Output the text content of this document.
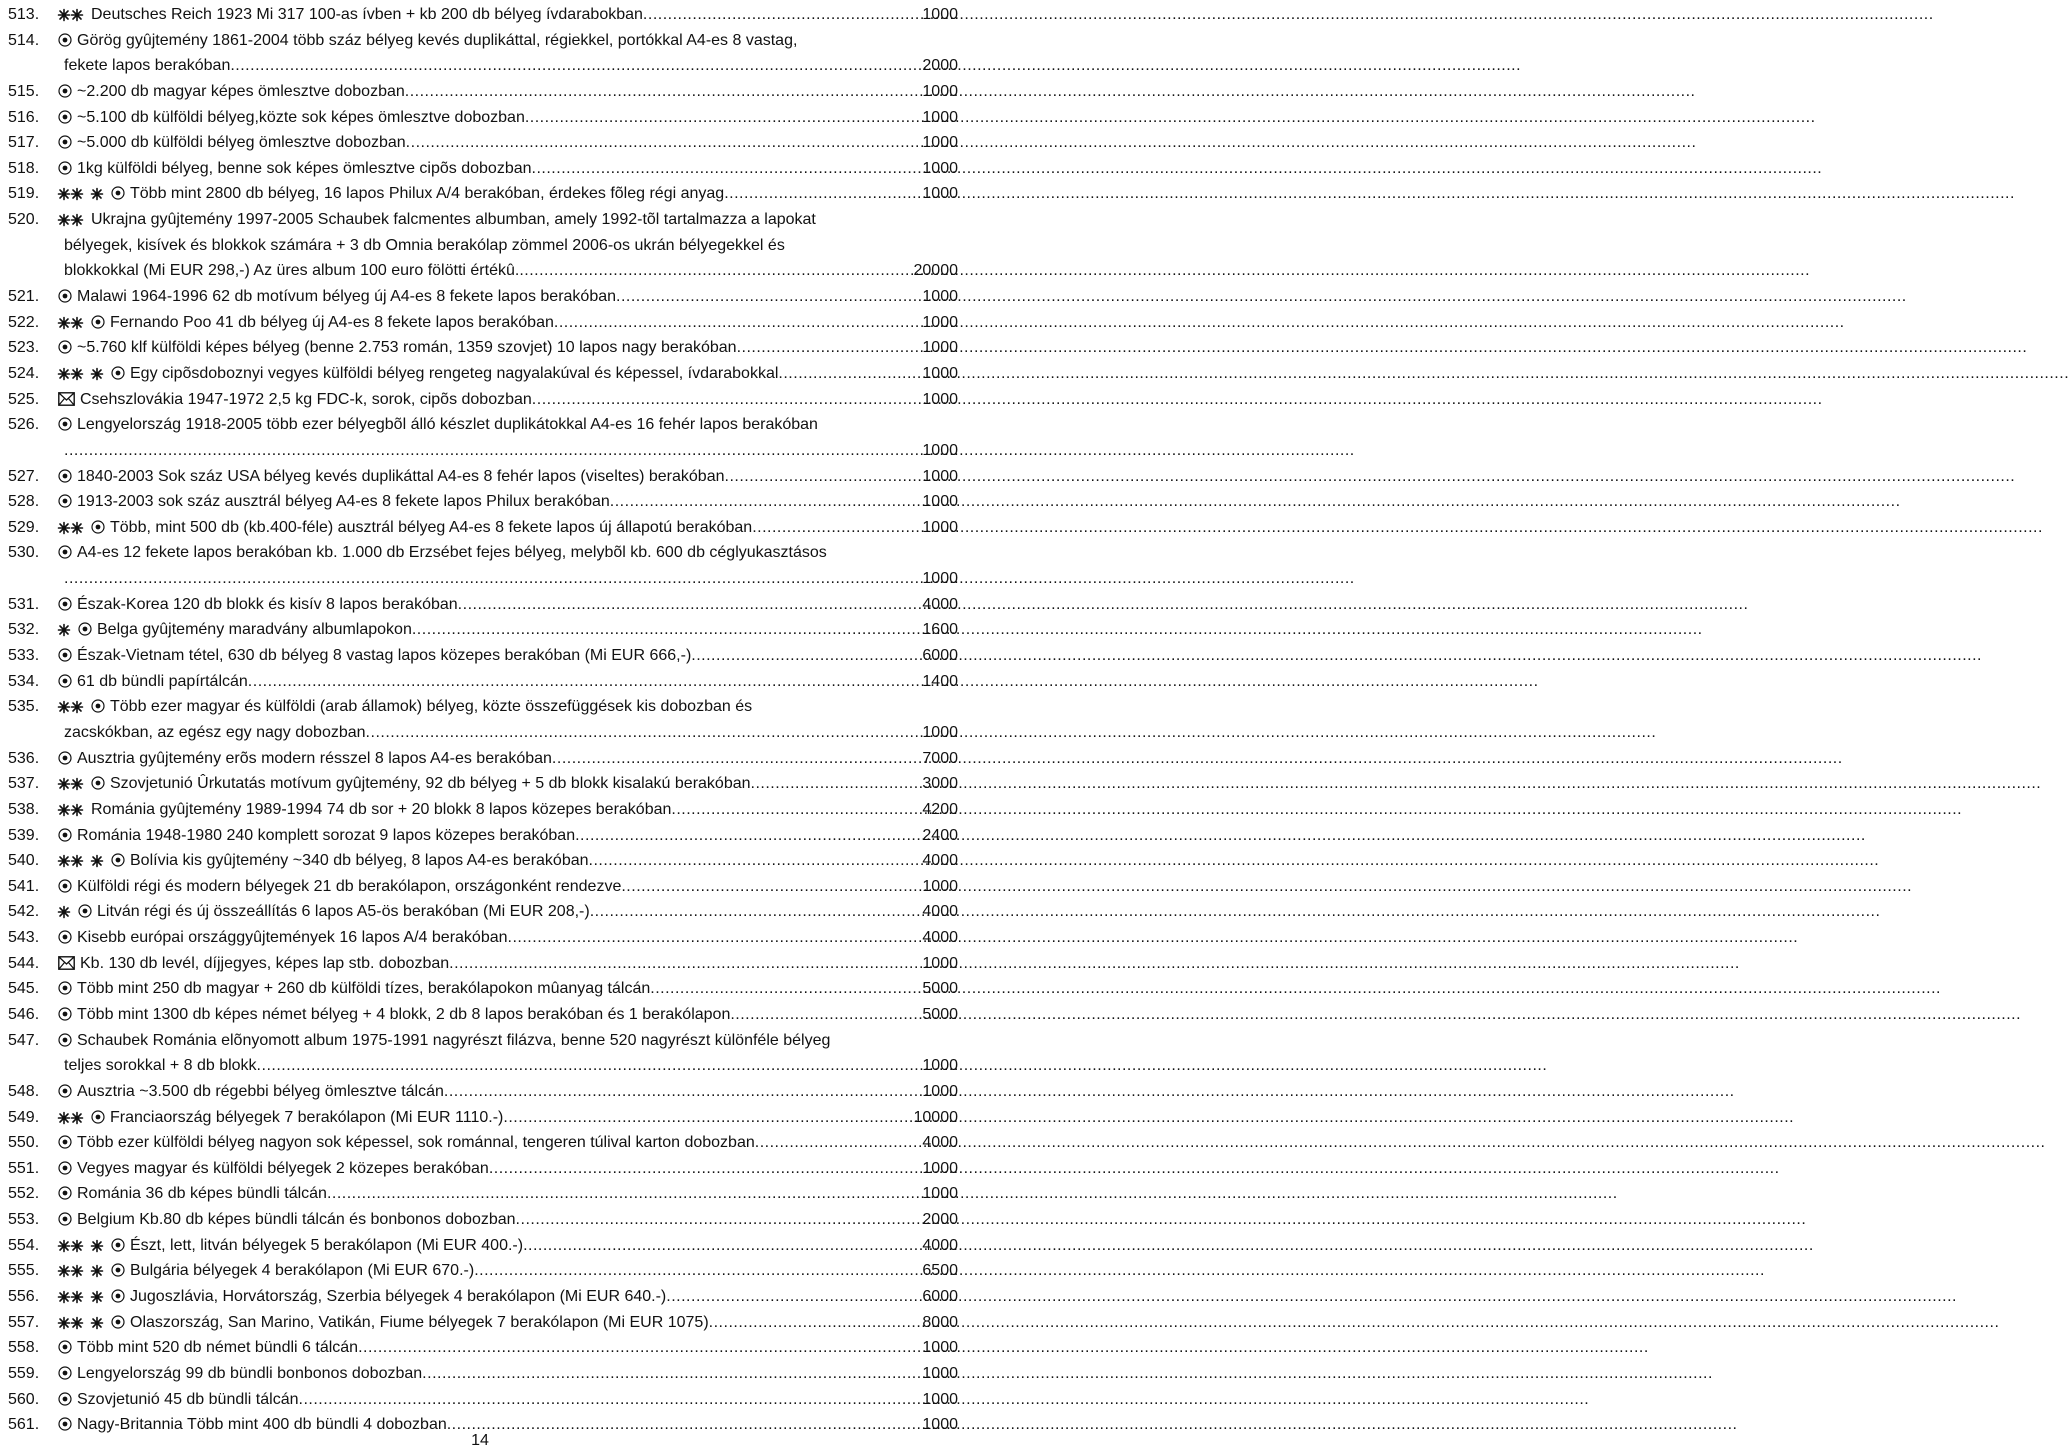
513.	Deutsches Reich 1923 Mi 317 100-as ívben + kb 200 db bélyeg ívdarabokban .....	1000
514.	Görög gyûjtemény 1861-2004 több száz bélyeg kevés duplikáttal, régiekkel, portókkal A4-es 8 vastag,
fekete lapos berakóban .....	2000
515.	~2.200 db magyar képes ömlesztve dobozban .....	1000
516.	~5.100 db külföldi bélyeg,közte sok képes ömlesztve dobozban .....	1000
517.	~5.000 db külföldi bélyeg ömlesztve dobozban .....	1000
518.	1kg külföldi bélyeg, benne sok képes ömlesztve cipõs dobozban .....	1000
519.	Több mint 2800 db bélyeg, 16 lapos Philux A/4 berakóban, érdekes fõleg régi anyag .....	1000
520.	Ukrajna gyûjtemény 1997-2005 Schaubek falcmentes albumban, amely 1992-tõl tartalmazza a lapokat
bélyegek, kisívek és blokkok számára + 3 db Omnia berakólap zömmel 2006-os ukrán bélyegekkel és
blokkokkal (Mi EUR 298,-) Az üres album 100 euro fölötti értékû. .....	20000
521.	Malawi 1964-1996 62 db motívum bélyeg új A4-es 8 fekete lapos berakóban .....	1000
522.	Fernando Poo 41 db bélyeg új A4-es 8 fekete lapos berakóban .....	1000
523.	~5.760 klf külföldi képes bélyeg (benne 2.753 román, 1359 szovjet) 10 lapos nagy berakóban .....	1000
524.	Egy cipõsdoboznyi vegyes külföldi bélyeg rengeteg nagyalakúval és képessel, ívdarabokkal .....	1000
525.	Csehszlovákia 1947-1972 2,5 kg FDC-k, sorok, cipõs dobozban .....	1000
526.	Lengyelország 1918-2005 több ezer bélyegbõl álló készlet duplikátokkal A4-es 16 fehér lapos berakóban
.....
1000
527.	1840-2003 Sok száz USA bélyeg kevés duplikáttal A4-es 8 fehér lapos (viseltes) berakóban .....	1000
528.	1913-2003 sok száz ausztrál bélyeg A4-es 8 fekete lapos Philux berakóban .....	1000
529.	Több, mint 500 db (kb.400-féle) ausztrál bélyeg A4-es 8 fekete lapos új állapotú berakóban .....	1000
530.	A4-es 12 fekete lapos berakóban kb. 1.000 db Erzsébet fejes bélyeg, melybõl kb. 600 db céglyukasztásos
.....
1000
531.	Észak-Korea 120 db blokk és kisív 8 lapos berakóban .....	4000
532.	Belga gyûjtemény maradvány albumlapokon .....	1600
533.	Észak-Vietnam tétel, 630 db bélyeg 8 vastag lapos közepes berakóban (Mi EUR 666,-) .....	6000
534.	61 db bündli papírtálcán .....	1400
535.	Több ezer magyar és külföldi (arab államok) bélyeg, közte összefüggések kis dobozban és
zacskókban, az egész egy nagy dobozban .....	1000
536.	Ausztria gyûjtemény erõs modern résszel 8 lapos A4-es berakóban .....	7000
537.	Szovjetunió Ûrkutatás motívum gyûjtemény, 92 db bélyeg + 5 db blokk kisalakú berakóban .....	3000
538.	Románia gyûjtemény 1989-1994 74 db sor + 20 blokk 8 lapos közepes berakóban .....	4200
539.	Románia 1948-1980 240 komplett sorozat 9 lapos közepes berakóban .....	2400
540.	Bolívia kis gyûjtemény ~340 db bélyeg, 8 lapos A4-es berakóban .....	4000
541.	Külföldi régi és modern bélyegek 21 db berakólapon, országonként rendezve .....	1000
542.	Litván régi és új összeállítás 6 lapos A5-ös berakóban (Mi EUR 208,-) .....	4000
543.	Kisebb európai országgyûjtemények 16 lapos A/4 berakóban .....	4000
544.	Kb. 130 db levél, díjjegyes, képes lap stb. dobozban .....	1000
545.	Több mint 250 db magyar + 260 db külföldi tízes, berakólapokon mûanyag tálcán .....	5000
546.	Több mint 1300 db képes német bélyeg + 4 blokk, 2 db 8 lapos berakóban és 1 berakólapon .....	5000
547.	Schaubek Románia elõnyomott album 1975-1991 nagyrészt filázva, benne 520 nagyrészt különféle bélyeg
teljes sorokkal + 8 db blokk .....	1000
548.	Ausztria ~3.500 db régebbi bélyeg ömlesztve tálcán .....	1000
549.	Franciaország bélyegek 7 berakólapon (Mi EUR 1110.-) .....	10000
550.	Több ezer külföldi bélyeg nagyon sok képessel, sok románnal, tengeren túlival karton dobozban .....	4000
551.	Vegyes magyar és külföldi bélyegek 2 közepes berakóban .....	1000
552.	Románia 36 db képes bündli tálcán .....	1000
553.	Belgium Kb.80 db képes bündli tálcán és bonbonos dobozban .....	2000
554.	Észt, lett, litván bélyegek 5 berakólapon (Mi EUR 400.-) .....	4000
555.	Bulgária bélyegek 4 berakólapon (Mi EUR 670.-) .....	6500
556.	Jugoszlávia, Horvátország, Szerbia bélyegek 4 berakólapon (Mi EUR 640.-) .....	6000
557.	Olaszország, San Marino, Vatikán, Fiume bélyegek 7 berakólapon (Mi EUR 1075) .....	8000
558.	Több mint 520 db német bündli 6 tálcán .....	1000
559.	Lengyelország 99 db bündli bonbonos dobozban .....	1000
560.	Szovjetunió 45 db bündli tálcán .....	1000
561.	Nagy-Britannia Több mint 400 db bündli 4 dobozban .....	1000
14
